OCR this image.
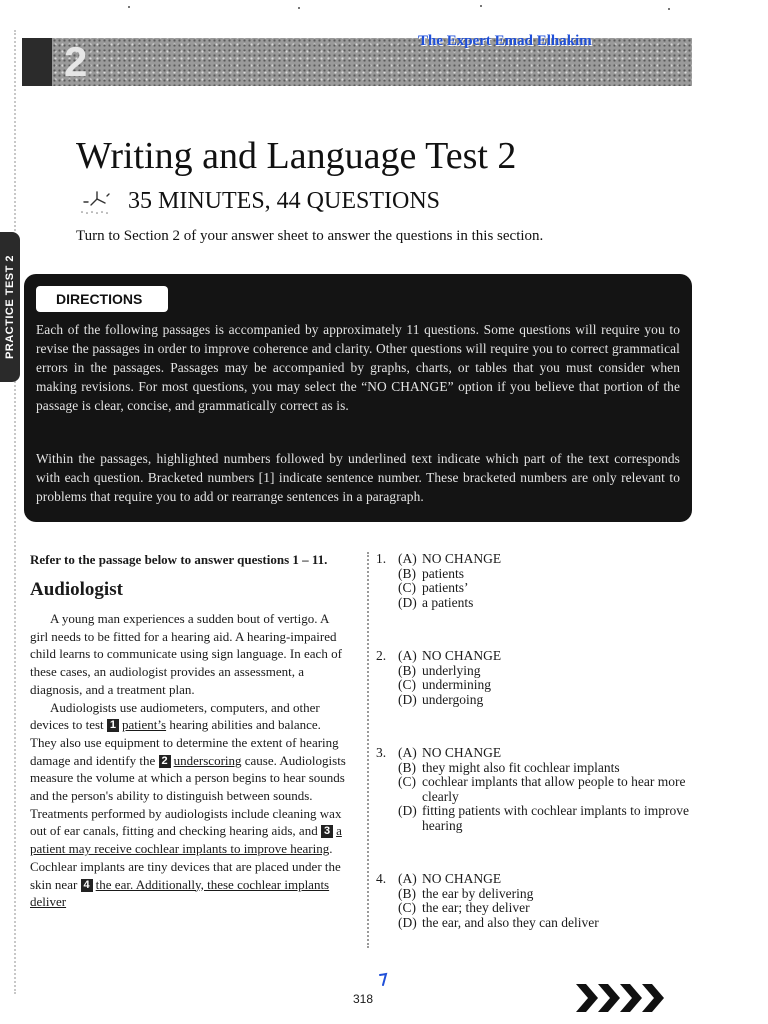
PRACTICE TEST 2
2	The Expert Emad Elhakim
Writing and Language Test 2
35 MINUTES, 44 QUESTIONS
Turn to Section 2 of your answer sheet to answer the questions in this section.
DIRECTIONS

Each of the following passages is accompanied by approximately 11 questions. Some questions will require you to revise the passages in order to improve coherence and clarity. Other questions will require you to correct grammatical errors in the passages. Passages may be accompanied by graphs, charts, or tables that you must consider when making revisions. For most questions, you may select the “NO CHANGE” option if you believe that portion of the passage is clear, concise, and grammatically correct as is.

Within the passages, highlighted numbers followed by underlined text indicate which part of the text corresponds with each question. Bracketed numbers [1] indicate sentence number. These bracketed numbers are only relevant to problems that require you to add or rearrange sentences in a paragraph.

Refer to the passage below to answer questions 1 – 11.
Audiologist

A young man experiences a sudden bout of vertigo. A girl needs to be fitted for a hearing aid. A hearing-impaired child learns to communicate using sign language. In each of these cases, an audiologist provides an assessment, a diagnosis, and a treatment plan.

Audiologists use audiometers, computers, and other devices to test 1 patient’s hearing abilities and balance. They also use equipment to determine the extent of hearing damage and identify the 2 underscoring cause. Audiologists measure the volume at which a person begins to hear sounds and the person's ability to distinguish between sounds. Treatments performed by audiologists include cleaning wax out of ear canals, fitting and checking hearing aids, and 3 a patient may receive cochlear implants to improve hearing. Cochlear implants are tiny devices that are placed under the skin near 4 the ear. Additionally, these cochlear implants deliver

1. (A) NO CHANGE
(B) patients
(C) patients’
(D) a patients
2. (A) NO CHANGE
(B) underlying
(C) undermining
(D) undergoing
3. (A) NO CHANGE
(B) they might also fit cochlear implants
(C) cochlear implants that allow people to hear more clearly
(D) fitting patients with cochlear implants to improve hearing
4. (A) NO CHANGE
(B) the ear by delivering
(C) the ear; they deliver
(D) the ear, and also they can deliver
318
